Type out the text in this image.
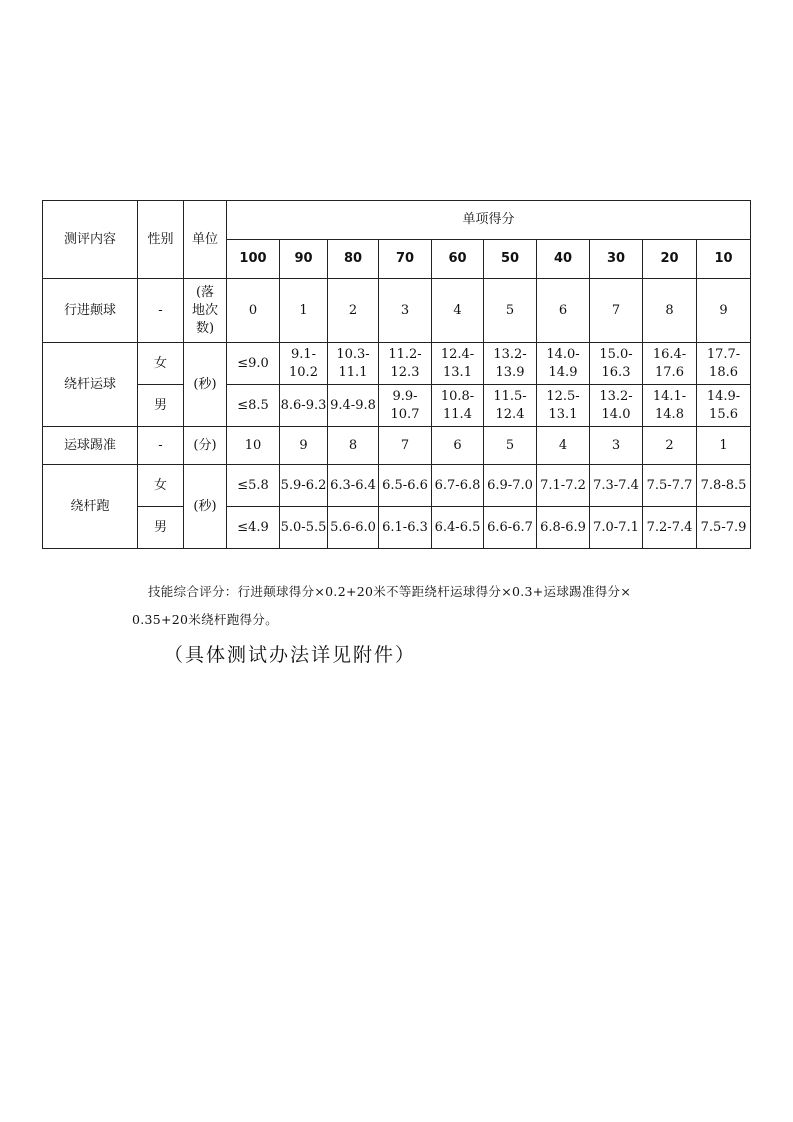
测评内容	性别	单位	单项得分									
			100	90	80	70	60	50	40	30	20	10
行进颠球	-	(落地次数)	0	1	2	3	4	5	6	7	8	9
绕杆运球	女	(秒)	≤9.0	9.1-10.2	10.3-11.1	11.2-12.3	12.4-13.1	13.2-13.9	14.0-14.9	15.0-16.3	16.4-17.6	17.7-18.6
	男		≤8.5	8.6-9.3	9.4-9.8	9.9-10.7	10.8-11.4	11.5-12.4	12.5-13.1	13.2-14.0	14.1-14.8	14.9-15.6
运球踢准	-	(分)	10	9	8	7	6	5	4	3	2	1
绕杆跑	女	(秒)	≤5.8	5.9-6.2	6.3-6.4	6.5-6.6	6.7-6.8	6.9-7.0	7.1-7.2	7.3-7.4	7.5-7.7	7.8-8.5
	男		≤4.9	5.0-5.5	5.6-6.0	6.1-6.3	6.4-6.5	6.6-6.7	6.8-6.9	7.0-7.1	7.2-7.4	7.5-7.9
技能综合评分：行进颠球得分×0.2+20米不等距绕杆运球得分×0.3+运球踢准得分×
0.35+20米绕杆跑得分。
（具体测试办法详见附件）
